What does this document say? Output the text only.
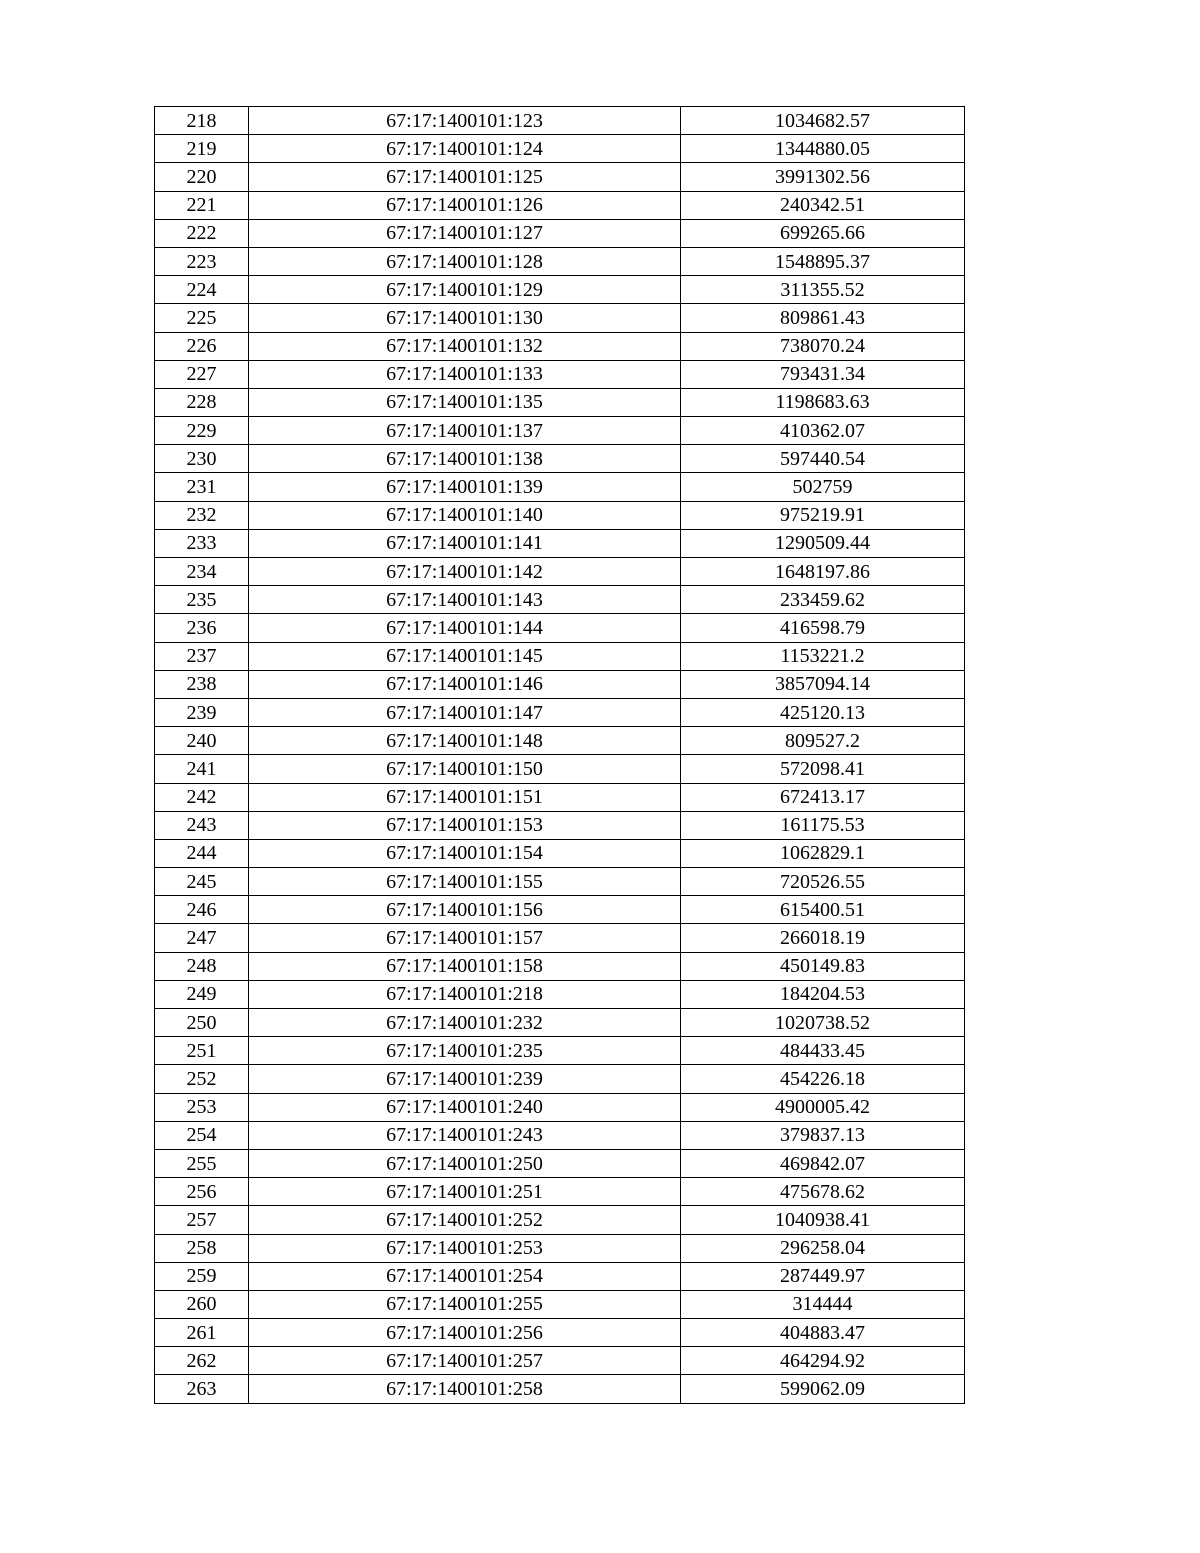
218	67:17:1400101:123	1034682.57
219	67:17:1400101:124	1344880.05
220	67:17:1400101:125	3991302.56
221	67:17:1400101:126	240342.51
222	67:17:1400101:127	699265.66
223	67:17:1400101:128	1548895.37
224	67:17:1400101:129	311355.52
225	67:17:1400101:130	809861.43
226	67:17:1400101:132	738070.24
227	67:17:1400101:133	793431.34
228	67:17:1400101:135	1198683.63
229	67:17:1400101:137	410362.07
230	67:17:1400101:138	597440.54
231	67:17:1400101:139	502759
232	67:17:1400101:140	975219.91
233	67:17:1400101:141	1290509.44
234	67:17:1400101:142	1648197.86
235	67:17:1400101:143	233459.62
236	67:17:1400101:144	416598.79
237	67:17:1400101:145	1153221.2
238	67:17:1400101:146	3857094.14
239	67:17:1400101:147	425120.13
240	67:17:1400101:148	809527.2
241	67:17:1400101:150	572098.41
242	67:17:1400101:151	672413.17
243	67:17:1400101:153	161175.53
244	67:17:1400101:154	1062829.1
245	67:17:1400101:155	720526.55
246	67:17:1400101:156	615400.51
247	67:17:1400101:157	266018.19
248	67:17:1400101:158	450149.83
249	67:17:1400101:218	184204.53
250	67:17:1400101:232	1020738.52
251	67:17:1400101:235	484433.45
252	67:17:1400101:239	454226.18
253	67:17:1400101:240	4900005.42
254	67:17:1400101:243	379837.13
255	67:17:1400101:250	469842.07
256	67:17:1400101:251	475678.62
257	67:17:1400101:252	1040938.41
258	67:17:1400101:253	296258.04
259	67:17:1400101:254	287449.97
260	67:17:1400101:255	314444
261	67:17:1400101:256	404883.47
262	67:17:1400101:257	464294.92
263	67:17:1400101:258	599062.09
